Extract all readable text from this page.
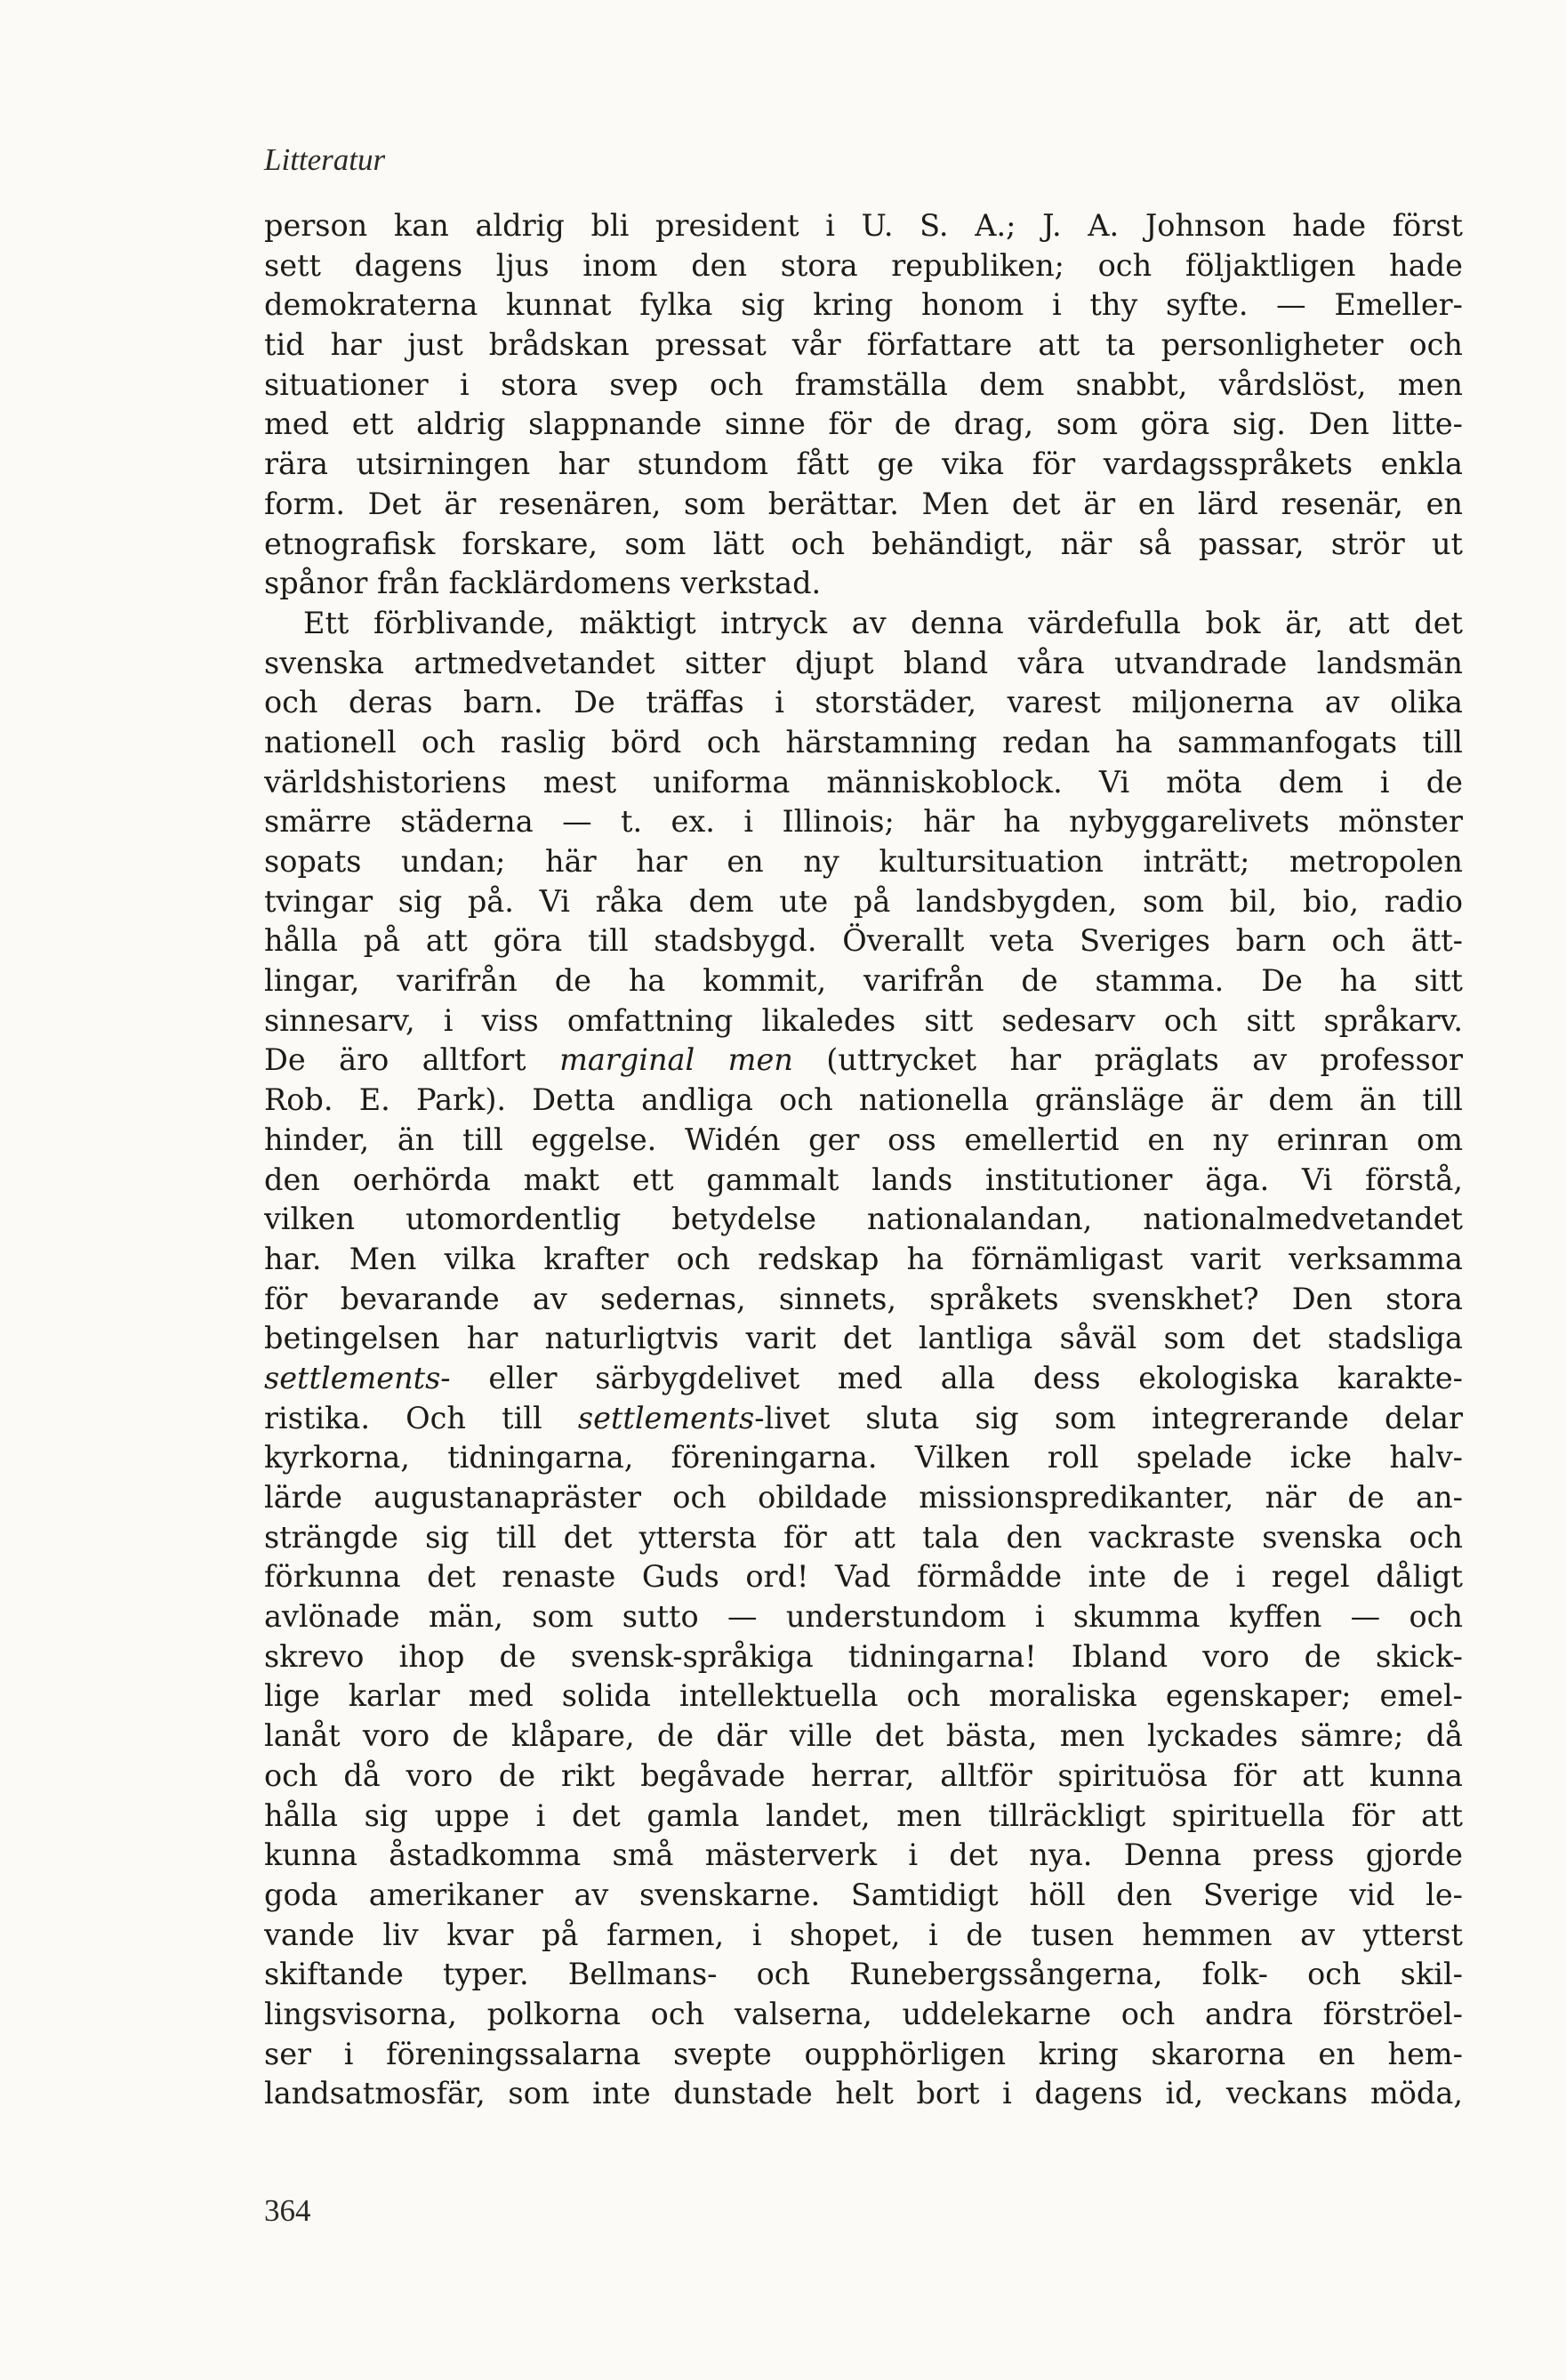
Litteratur
person kan aldrig bli president i U. S. A.; J. A. Johnson hade först
sett dagens ljus inom den stora republiken; och följaktligen hade
demokraterna kunnat fylka sig kring honom i thy syfte. — Emeller-
tid har just brådskan pressat vår författare att ta personligheter och
situationer i stora svep och framställa dem snabbt, vårdslöst, men
med ett aldrig slappnande sinne för de drag, som göra sig. Den litte-
rära utsirningen har stundom fått ge vika för vardagsspråkets enkla
form. Det är resenären, som berättar. Men det är en lärd resenär, en
etnografisk forskare, som lätt och behändigt, när så passar, strör ut
spånor från facklärdomens verkstad.
Ett förblivande, mäktigt intryck av denna värdefulla bok är, att det
svenska artmedvetandet sitter djupt bland våra utvandrade landsmän
och deras barn. De träffas i storstäder, varest miljonerna av olika
nationell och raslig börd och härstamning redan ha sammanfogats till
världshistoriens mest uniforma människoblock. Vi möta dem i de
smärre städerna — t. ex. i Illinois; här ha nybyggarelivets mönster
sopats undan; här har en ny kultursituation inträtt; metropolen
tvingar sig på. Vi råka dem ute på landsbygden, som bil, bio, radio
hålla på att göra till stadsbygd. Överallt veta Sveriges barn och ätt-
lingar, varifrån de ha kommit, varifrån de stamma. De ha sitt
sinnesarv, i viss omfattning likaledes sitt sedesarv och sitt språkarv.
De äro alltfort marginal men (uttrycket har präglats av professor
Rob. E. Park). Detta andliga och nationella gränsläge är dem än till
hinder, än till eggelse. Widén ger oss emellertid en ny erinran om
den oerhörda makt ett gammalt lands institutioner äga. Vi förstå,
vilken utomordentlig betydelse nationalandan, nationalmedvetandet
har. Men vilka krafter och redskap ha förnämligast varit verksamma
för bevarande av sedernas, sinnets, språkets svenskhet? Den stora
betingelsen har naturligtvis varit det lantliga såväl som det stadsliga
settlements- eller särbygdelivet med alla dess ekologiska karakte-
ristika. Och till settlements-livet sluta sig som integrerande delar
kyrkorna, tidningarna, föreningarna. Vilken roll spelade icke halv-
lärde augustanapräster och obildade missionspredikanter, när de an-
strängde sig till det yttersta för att tala den vackraste svenska och
förkunna det renaste Guds ord! Vad förmådde inte de i regel dåligt
avlönade män, som sutto — understundom i skumma kyffen — och
skrevo ihop de svensk-språkiga tidningarna! Ibland voro de skick-
lige karlar med solida intellektuella och moraliska egenskaper; emel-
lanåt voro de klåpare, de där ville det bästa, men lyckades sämre; då
och då voro de rikt begåvade herrar, alltför spirituösa för att kunna
hålla sig uppe i det gamla landet, men tillräckligt spirituella för att
kunna åstadkomma små mästerverk i det nya. Denna press gjorde
goda amerikaner av svenskarne. Samtidigt höll den Sverige vid le-
vande liv kvar på farmen, i shopet, i de tusen hemmen av ytterst
skiftande typer. Bellmans- och Runebergssångerna, folk- och skil-
lingsvisorna, polkorna och valserna, uddelekarne och andra förströel-
ser i föreningssalarna svepte oupphörligen kring skarorna en hem-
landsatmosfär, som inte dunstade helt bort i dagens id, veckans möda,
364
